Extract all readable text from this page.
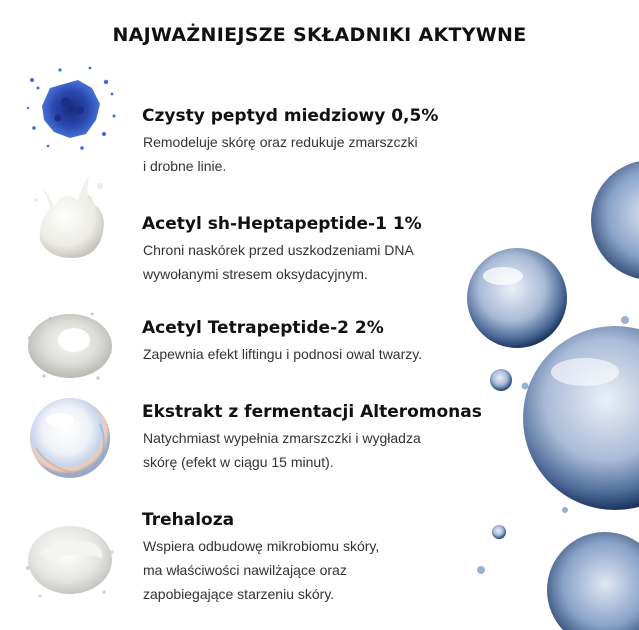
NAJWAŻNIEJSZE SKŁADNIKI AKTYWNE
Czysty peptyd miedziowy 0,5%
Remodeluje skórę oraz redukuje zmarszczki
i drobne linie.
Acetyl sh-Heptapeptide-1 1%
Chroni naskórek przed uszkodzeniami DNA
wywołanymi stresem oksydacyjnym.
Acetyl Tetrapeptide-2 2%
Zapewnia efekt liftingu i podnosi owal twarzy.
Ekstrakt z fermentacji Alteromonas
Natychmiast wypełnia zmarszczki i wygładza
skórę (efekt w ciągu 15 minut).
Trehaloza
Wspiera odbudowę mikrobiomu skóry,
ma właściwości nawilżające oraz
zapobiegające starzeniu skóry.
